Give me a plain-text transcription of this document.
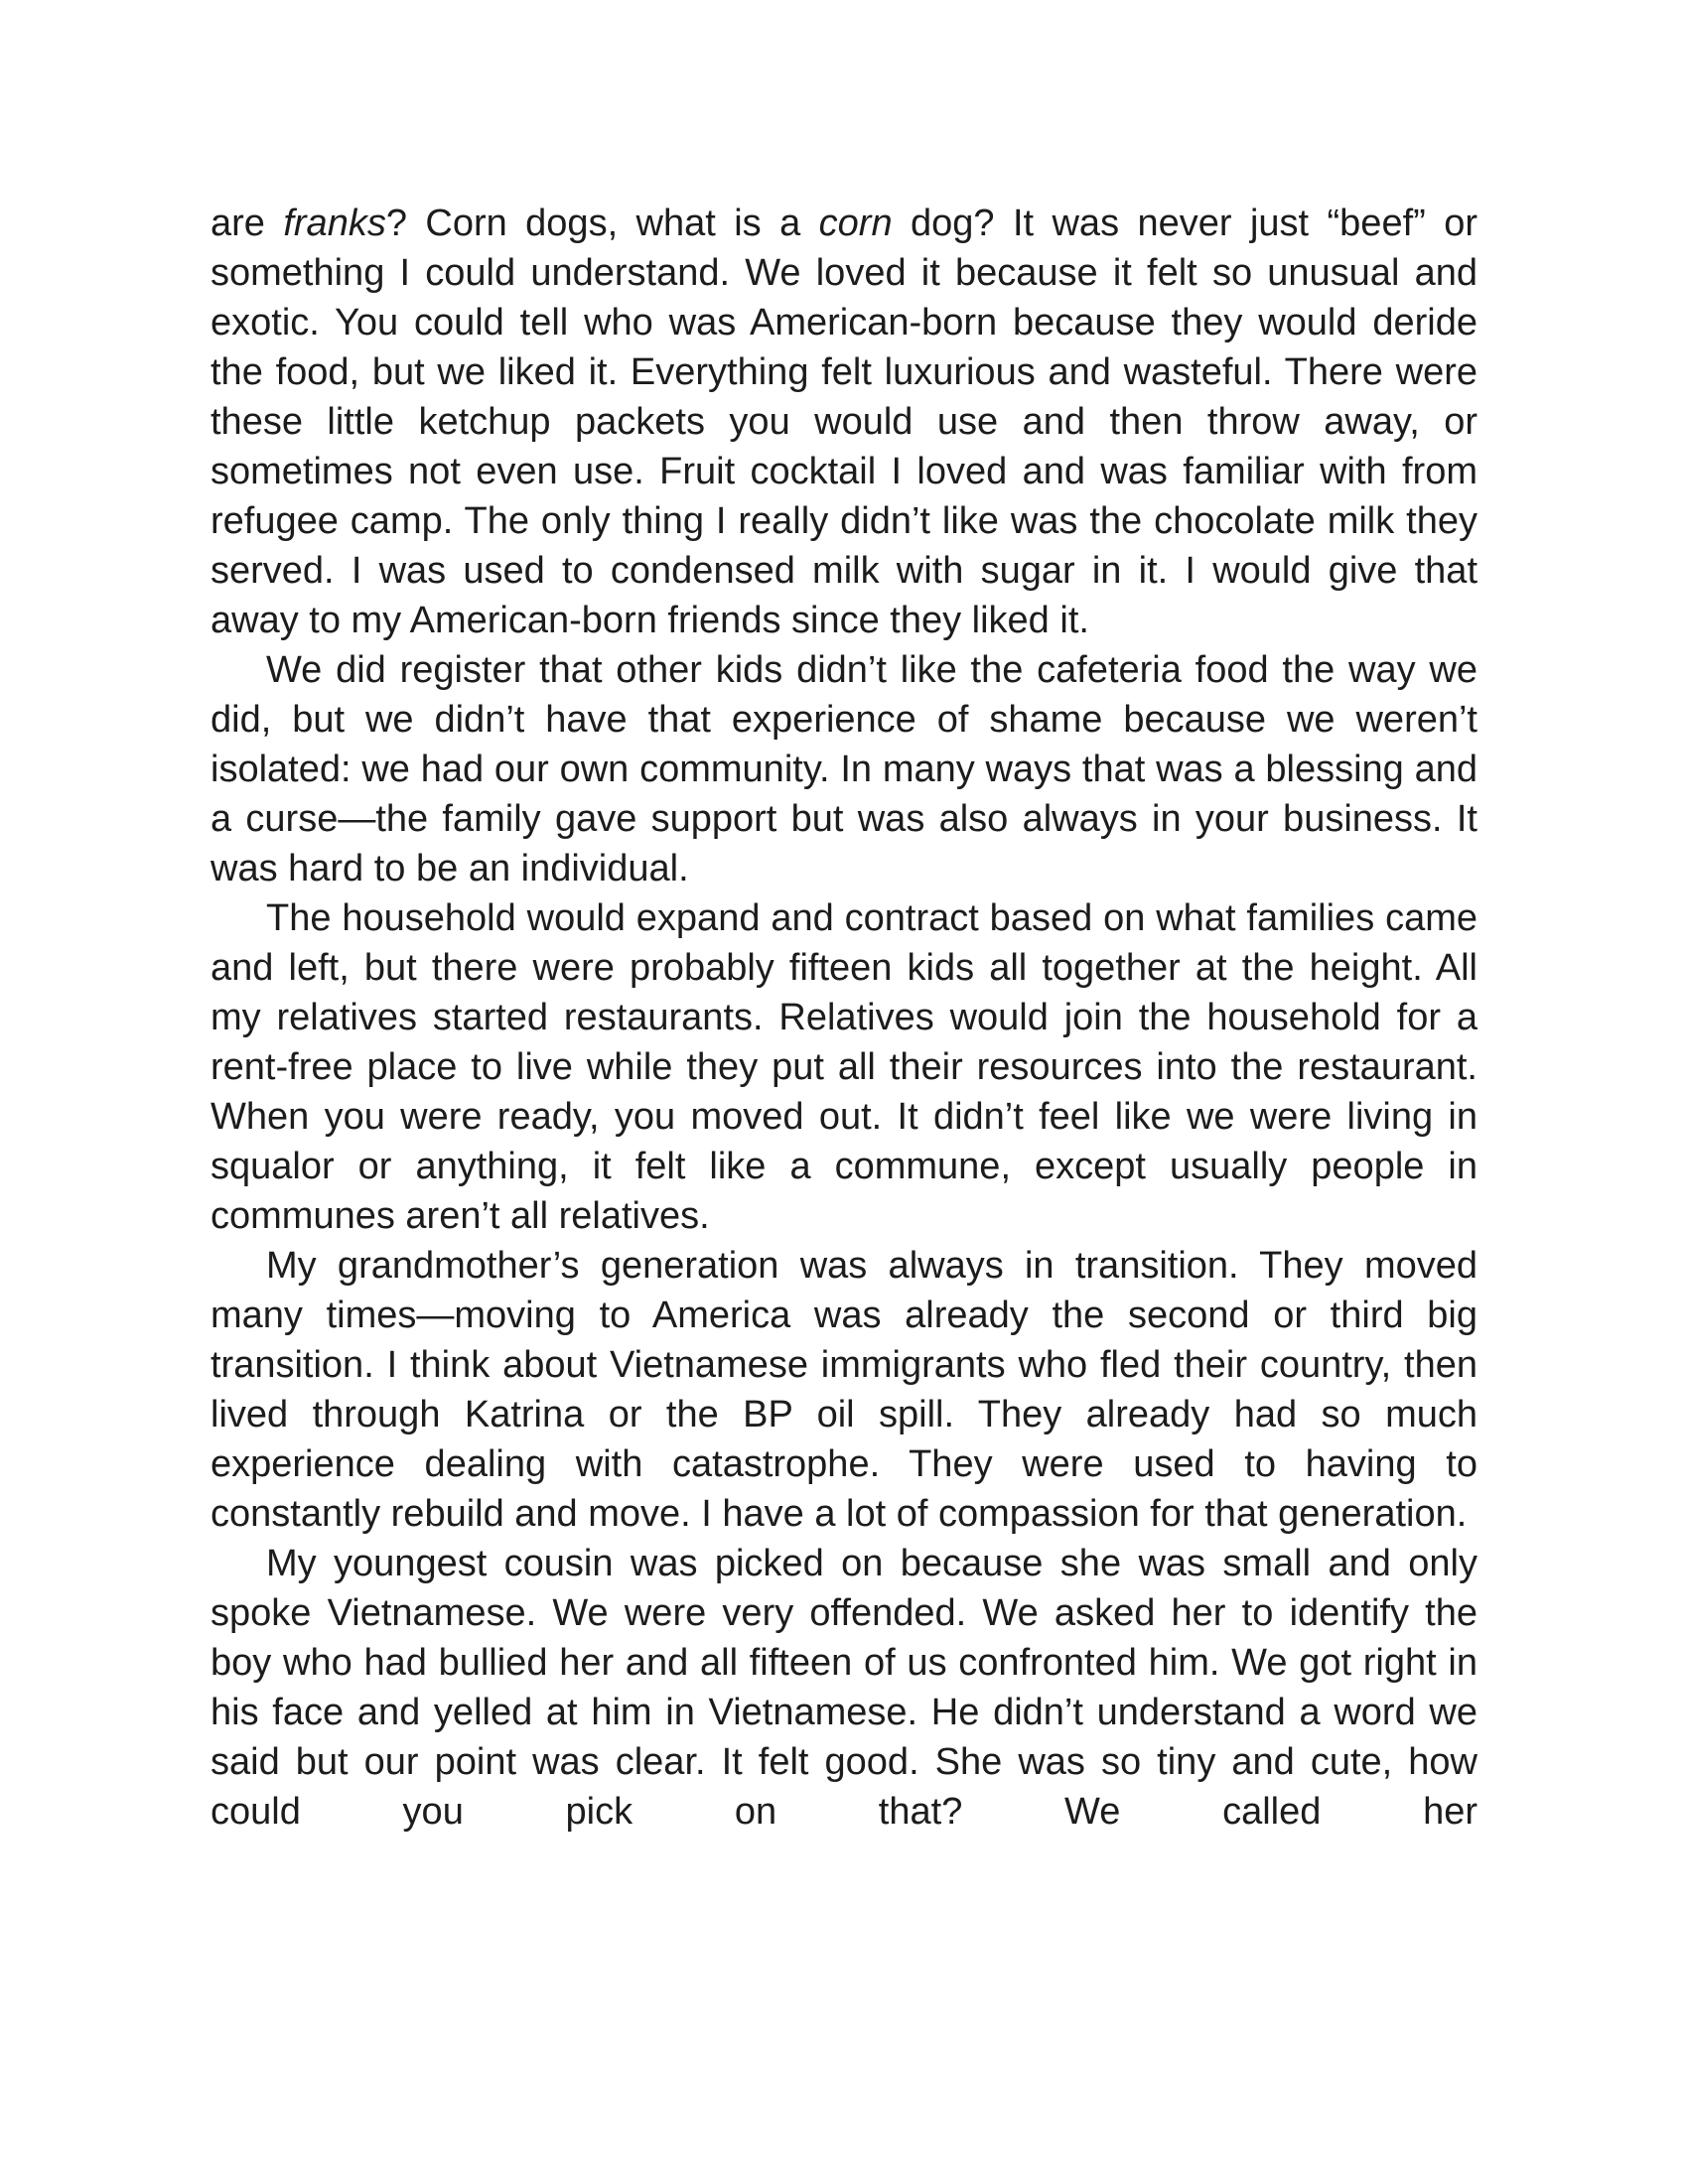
are franks? Corn dogs, what is a corn dog? It was never just “beef” or something I could understand. We loved it because it felt so unusual and exotic. You could tell who was American-born because they would deride the food, but we liked it. Everything felt luxurious and wasteful. There were these little ketchup packets you would use and then throw away, or sometimes not even use. Fruit cocktail I loved and was familiar with from refugee camp. The only thing I really didn’t like was the chocolate milk they served. I was used to condensed milk with sugar in it. I would give that away to my American-born friends since they liked it.

We did register that other kids didn’t like the cafeteria food the way we did, but we didn’t have that experience of shame because we weren’t isolated: we had our own community. In many ways that was a blessing and a curse—the family gave support but was also always in your business. It was hard to be an individual.

The household would expand and contract based on what families came and left, but there were probably fifteen kids all together at the height. All my relatives started restaurants. Relatives would join the household for a rent-free place to live while they put all their resources into the restaurant. When you were ready, you moved out. It didn’t feel like we were living in squalor or anything, it felt like a commune, except usually people in communes aren’t all relatives.

My grandmother’s generation was always in transition. They moved many times—moving to America was already the second or third big transition. I think about Vietnamese immigrants who fled their country, then lived through Katrina or the BP oil spill. They already had so much experience dealing with catastrophe. They were used to having to constantly rebuild and move. I have a lot of compassion for that generation.

My youngest cousin was picked on because she was small and only spoke Vietnamese. We were very offended. We asked her to identify the boy who had bullied her and all fifteen of us confronted him. We got right in his face and yelled at him in Vietnamese. He didn’t understand a word we said but our point was clear. It felt good. She was so tiny and cute, how could you pick on that? We called her
